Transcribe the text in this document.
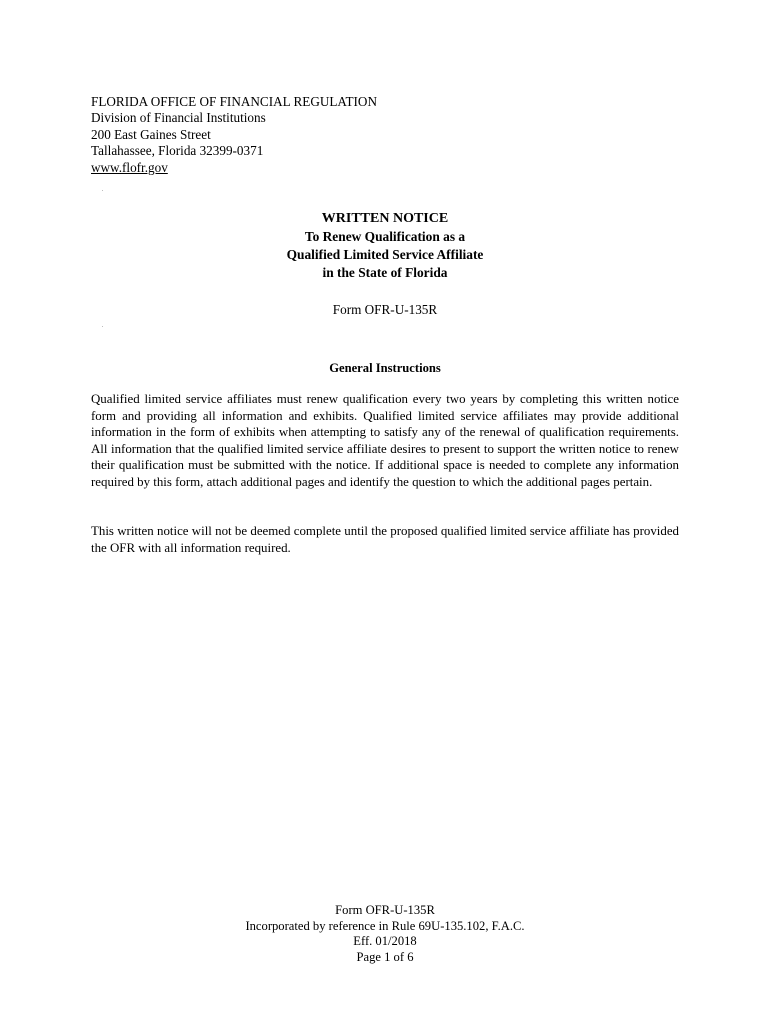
FLORIDA OFFICE OF FINANCIAL REGULATION
Division of Financial Institutions
200 East Gaines Street
Tallahassee, Florida 32399-0371
www.flofr.gov
WRITTEN NOTICE
To Renew Qualification as a
Qualified Limited Service Affiliate
in the State of Florida
Form OFR-U-135R
General Instructions

Qualified limited service affiliates must renew qualification every two years by completing this written notice form and providing all information and exhibits. Qualified limited service affiliates may provide additional information in the form of exhibits when attempting to satisfy any of the renewal of qualification requirements. All information that the qualified limited service affiliate desires to present to support the written notice to renew their qualification must be submitted with the notice. If additional space is needed to complete any information required by this form, attach additional pages and identify the question to which the additional pages pertain.

This written notice will not be deemed complete until the proposed qualified limited service affiliate has provided the OFR with all information required.

Form OFR-U-135R
Incorporated by reference in Rule 69U-135.102, F.A.C.
Eff. 01/2018
Page 1 of 6
